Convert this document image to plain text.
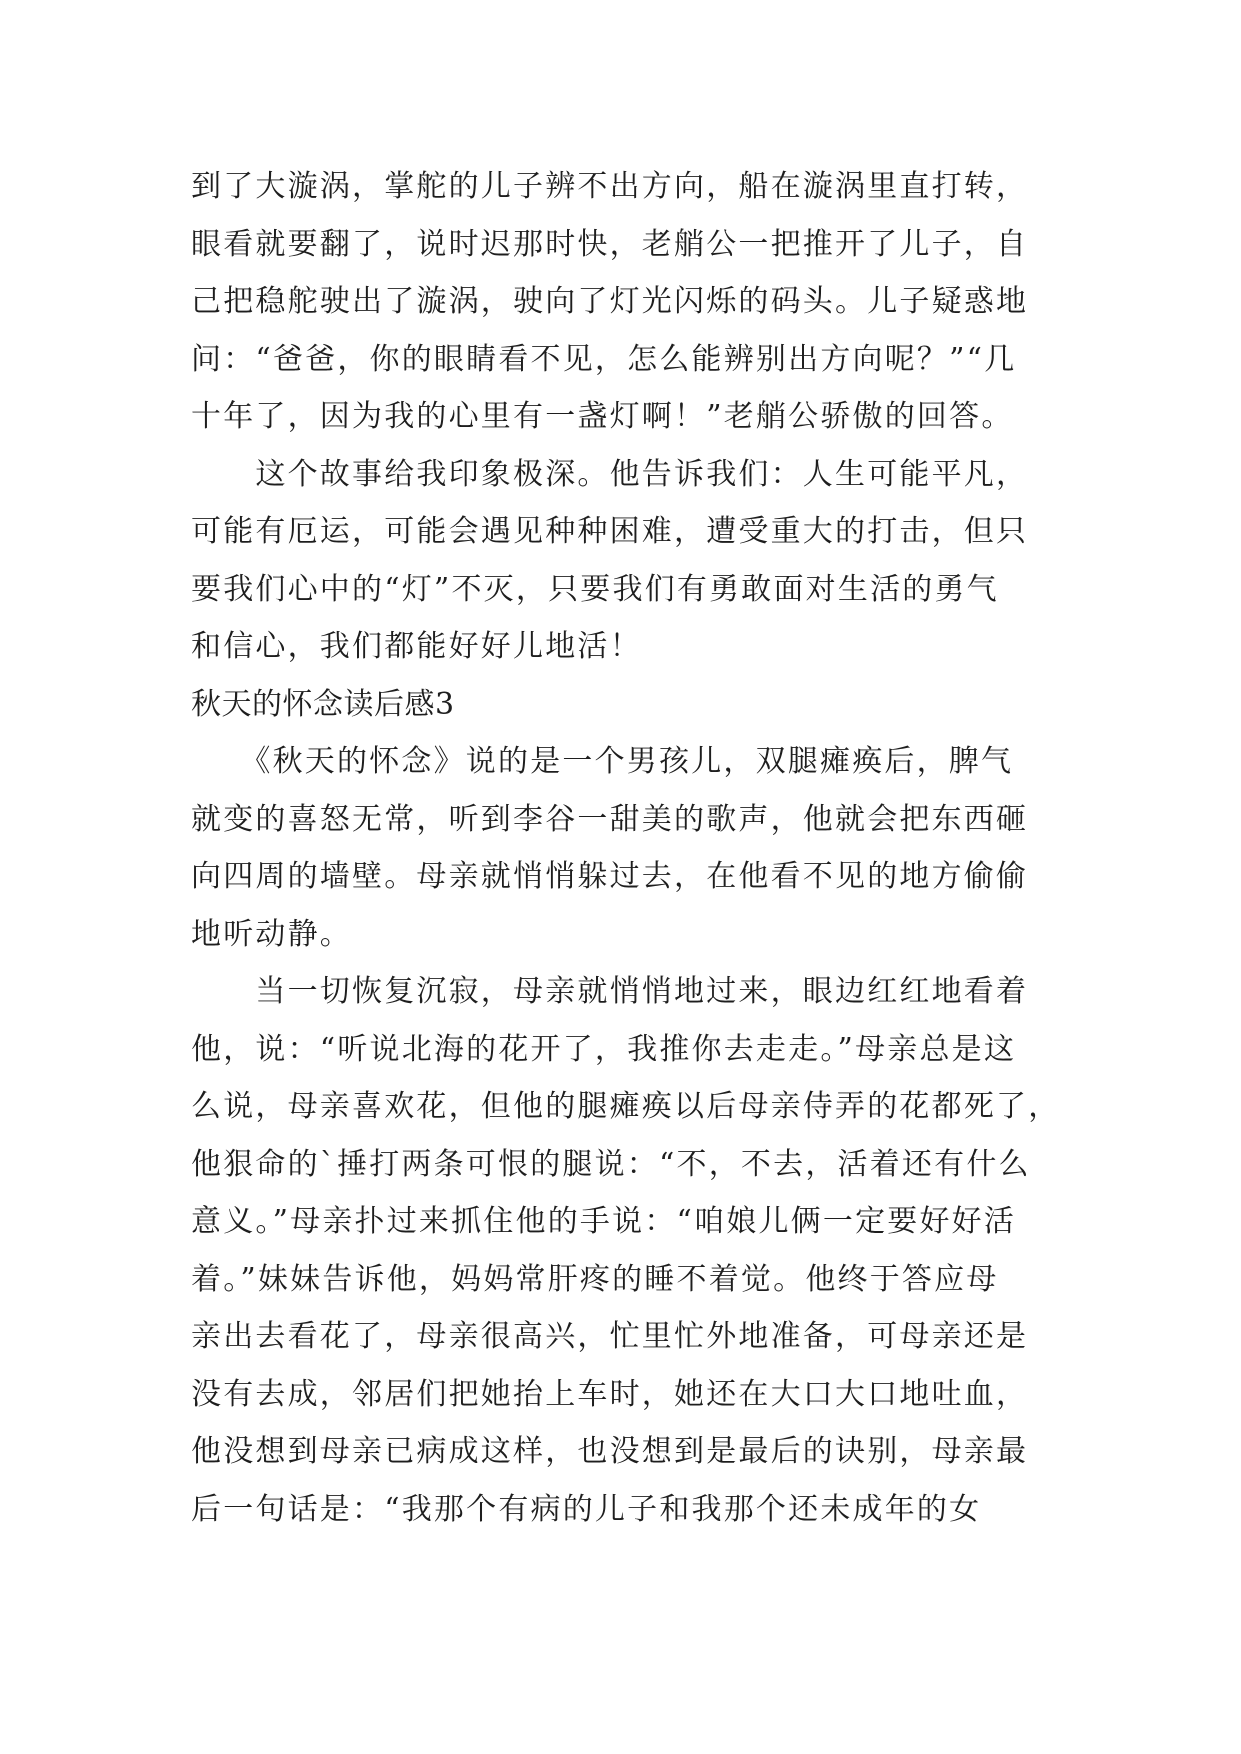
到了大漩涡，掌舵的儿子辨不出方向，船在漩涡里直打转，
眼看就要翻了，说时迟那时快，老艄公一把推开了儿子，自
己把稳舵驶出了漩涡，驶向了灯光闪烁的码头。儿子疑惑地
问：“爸爸，你的眼睛看不见，怎么能辨别出方向呢？”“几
十年了，因为我的心里有一盏灯啊！”老艄公骄傲的回答。
　　这个故事给我印象极深。他告诉我们：人生可能平凡，
可能有厄运，可能会遇见种种困难，遭受重大的打击，但只
要我们心中的“灯”不灭，只要我们有勇敢面对生活的勇气
和信心，我们都能好好儿地活！
秋天的怀念读后感3
　　《秋天的怀念》说的是一个男孩儿，双腿瘫痪后，脾气
就变的喜怒无常，听到李谷一甜美的歌声，他就会把东西砸
向四周的墙壁。母亲就悄悄躲过去，在他看不见的地方偷偷
地听动静。
　　当一切恢复沉寂，母亲就悄悄地过来，眼边红红地看着
他，说：“听说北海的花开了，我推你去走走。”母亲总是这
么说，母亲喜欢花，但他的腿瘫痪以后母亲侍弄的花都死了，
他狠命的`捶打两条可恨的腿说：“不，不去，活着还有什么
意义。”母亲扑过来抓住他的手说：“咱娘儿俩一定要好好活
着。”妹妹告诉他，妈妈常肝疼的睡不着觉。他终于答应母
亲出去看花了，母亲很高兴，忙里忙外地准备，可母亲还是
没有去成，邻居们把她抬上车时，她还在大口大口地吐血，
他没想到母亲已病成这样，也没想到是最后的诀别，母亲最
后一句话是：“我那个有病的儿子和我那个还未成年的女
